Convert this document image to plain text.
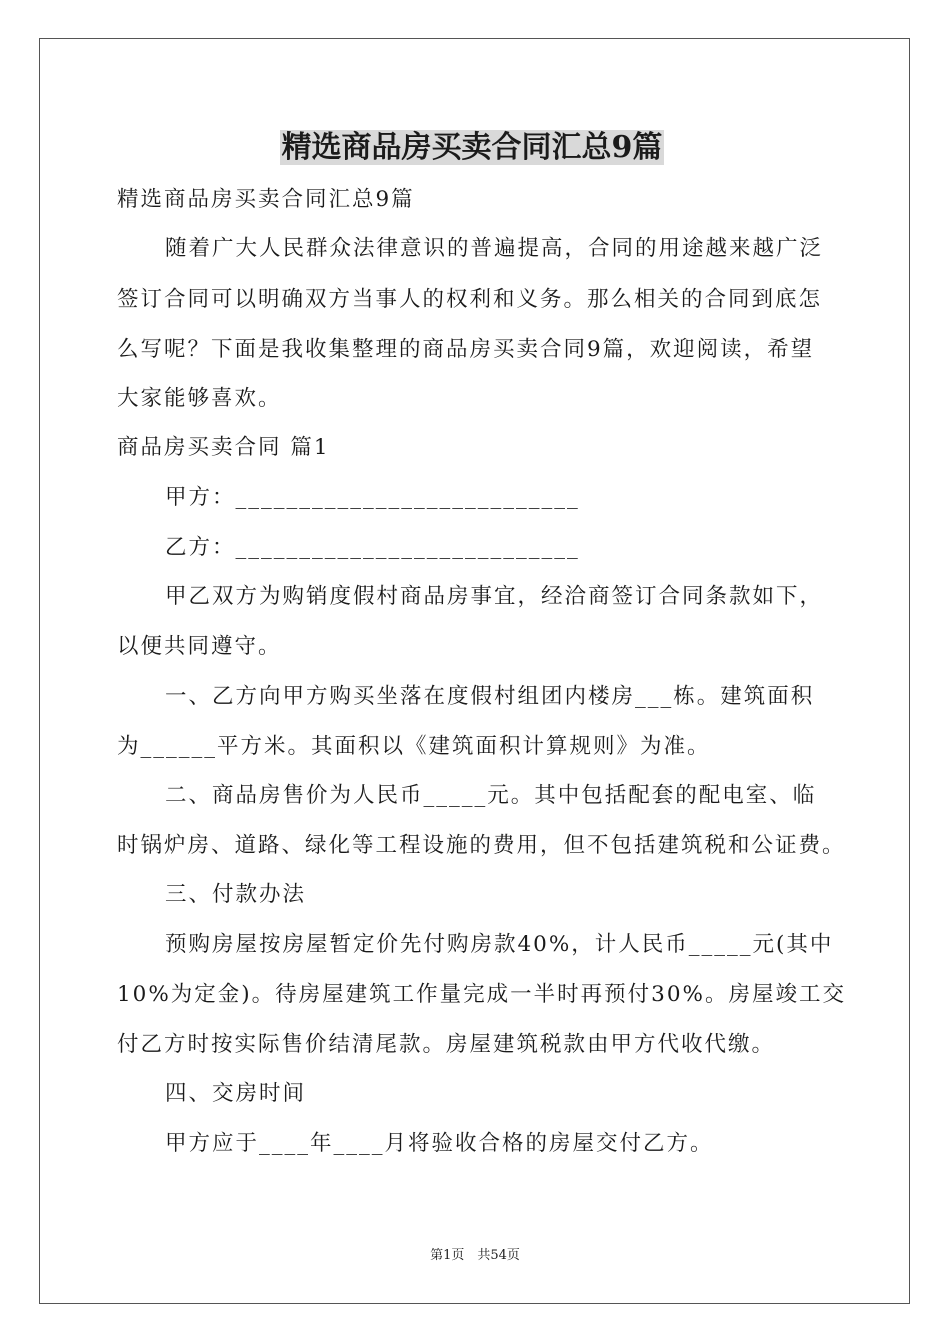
精选商品房买卖合同汇总9篇
精选商品房买卖合同汇总9篇
随着广大人民群众法律意识的普遍提高，合同的用途越来越广泛
签订合同可以明确双方当事人的权利和义务。那么相关的合同到底怎
么写呢？下面是我收集整理的商品房买卖合同9篇，欢迎阅读，希望
大家能够喜欢。
商品房买卖合同 篇1
甲方：___________________________
乙方：___________________________
甲乙双方为购销度假村商品房事宜，经洽商签订合同条款如下，
以便共同遵守。
一、乙方向甲方购买坐落在度假村组团内楼房___栋。建筑面积
为______平方米。其面积以《建筑面积计算规则》为准。
二、商品房售价为人民币_____元。其中包括配套的配电室、临
时锅炉房、道路、绿化等工程设施的费用，但不包括建筑税和公证费。
三、付款办法
预购房屋按房屋暂定价先付购房款40%，计人民币_____元(其中
10%为定金)。待房屋建筑工作量完成一半时再预付30%。房屋竣工交
付乙方时按实际售价结清尾款。房屋建筑税款由甲方代收代缴。
四、交房时间
甲方应于____年____月将验收合格的房屋交付乙方。
第1页　共54页
